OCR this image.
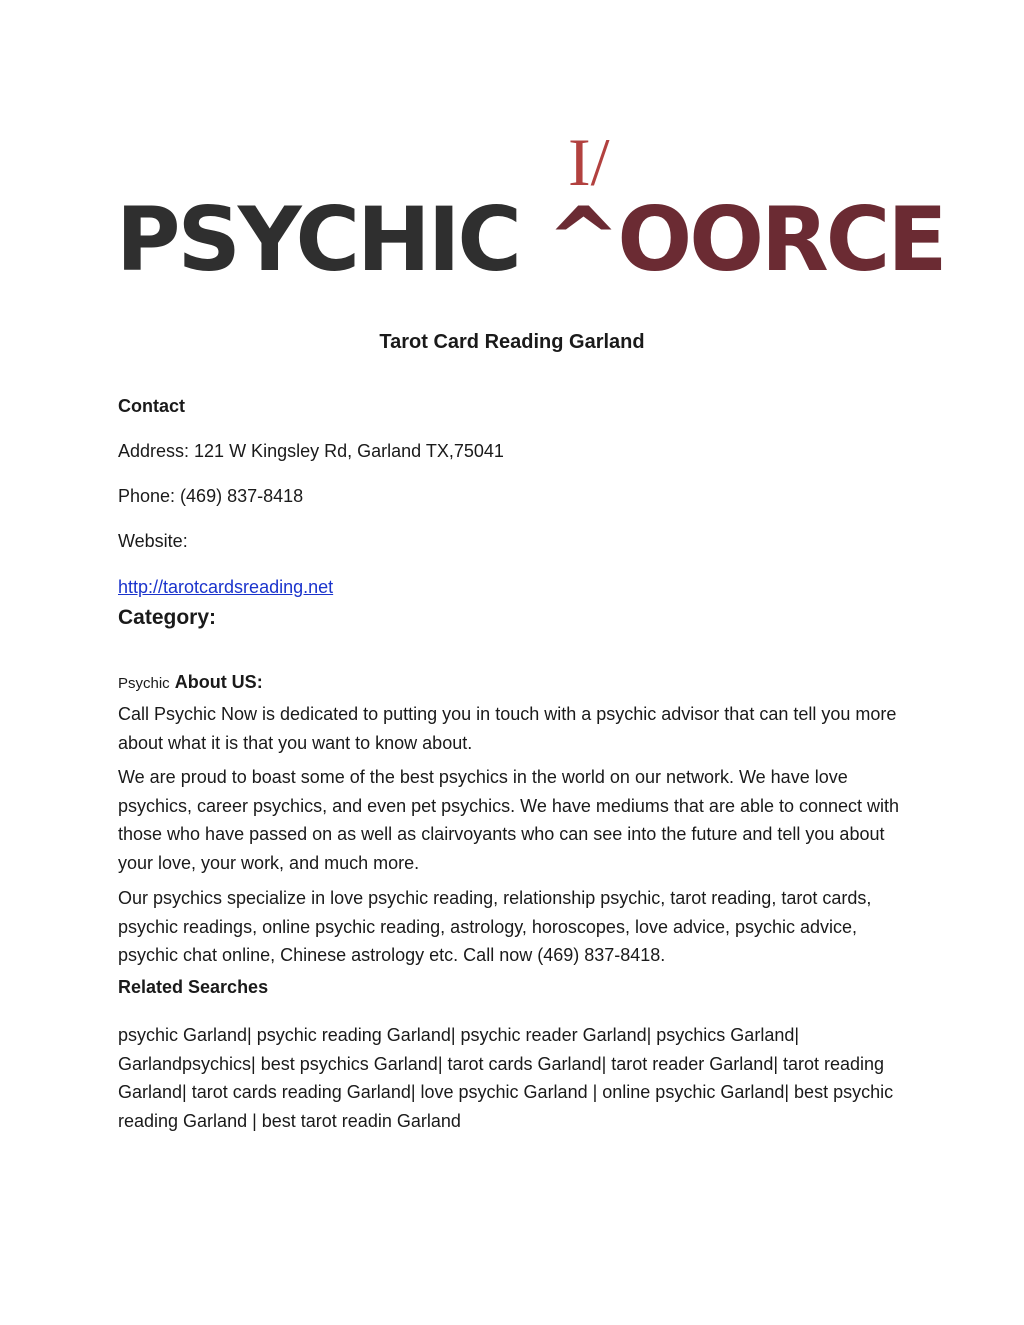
I/
PSYCHIC ^OORCE
Tarot Card Reading Garland
Contact
Address: 121 W Kingsley Rd, Garland TX,75041
Phone: (469) 837-8418
Website:
http://tarotcardsreading.net
Category:
Psychic About US:

Call Psychic Now is dedicated to putting you in touch with a psychic advisor that can tell you more about what it is that you want to know about.

We are proud to boast some of the best psychics in the world on our network. We have love psychics, career psychics, and even pet psychics. We have mediums that are able to connect with those who have passed on as well as clairvoyants who can see into the future and tell you about your love, your work, and much more.

Our psychics specialize in love psychic reading, relationship psychic, tarot reading, tarot cards, psychic readings, online psychic reading, astrology, horoscopes, love advice, psychic advice, psychic chat online, Chinese astrology etc. Call now (469) 837-8418.

Related Searches

psychic Garland| psychic reading Garland| psychic reader Garland| psychics Garland| Garlandpsychics| best psychics Garland| tarot cards Garland| tarot reader Garland| tarot reading Garland| tarot cards reading Garland| love psychic Garland | online psychic Garland| best psychic reading Garland | best tarot readin Garland
